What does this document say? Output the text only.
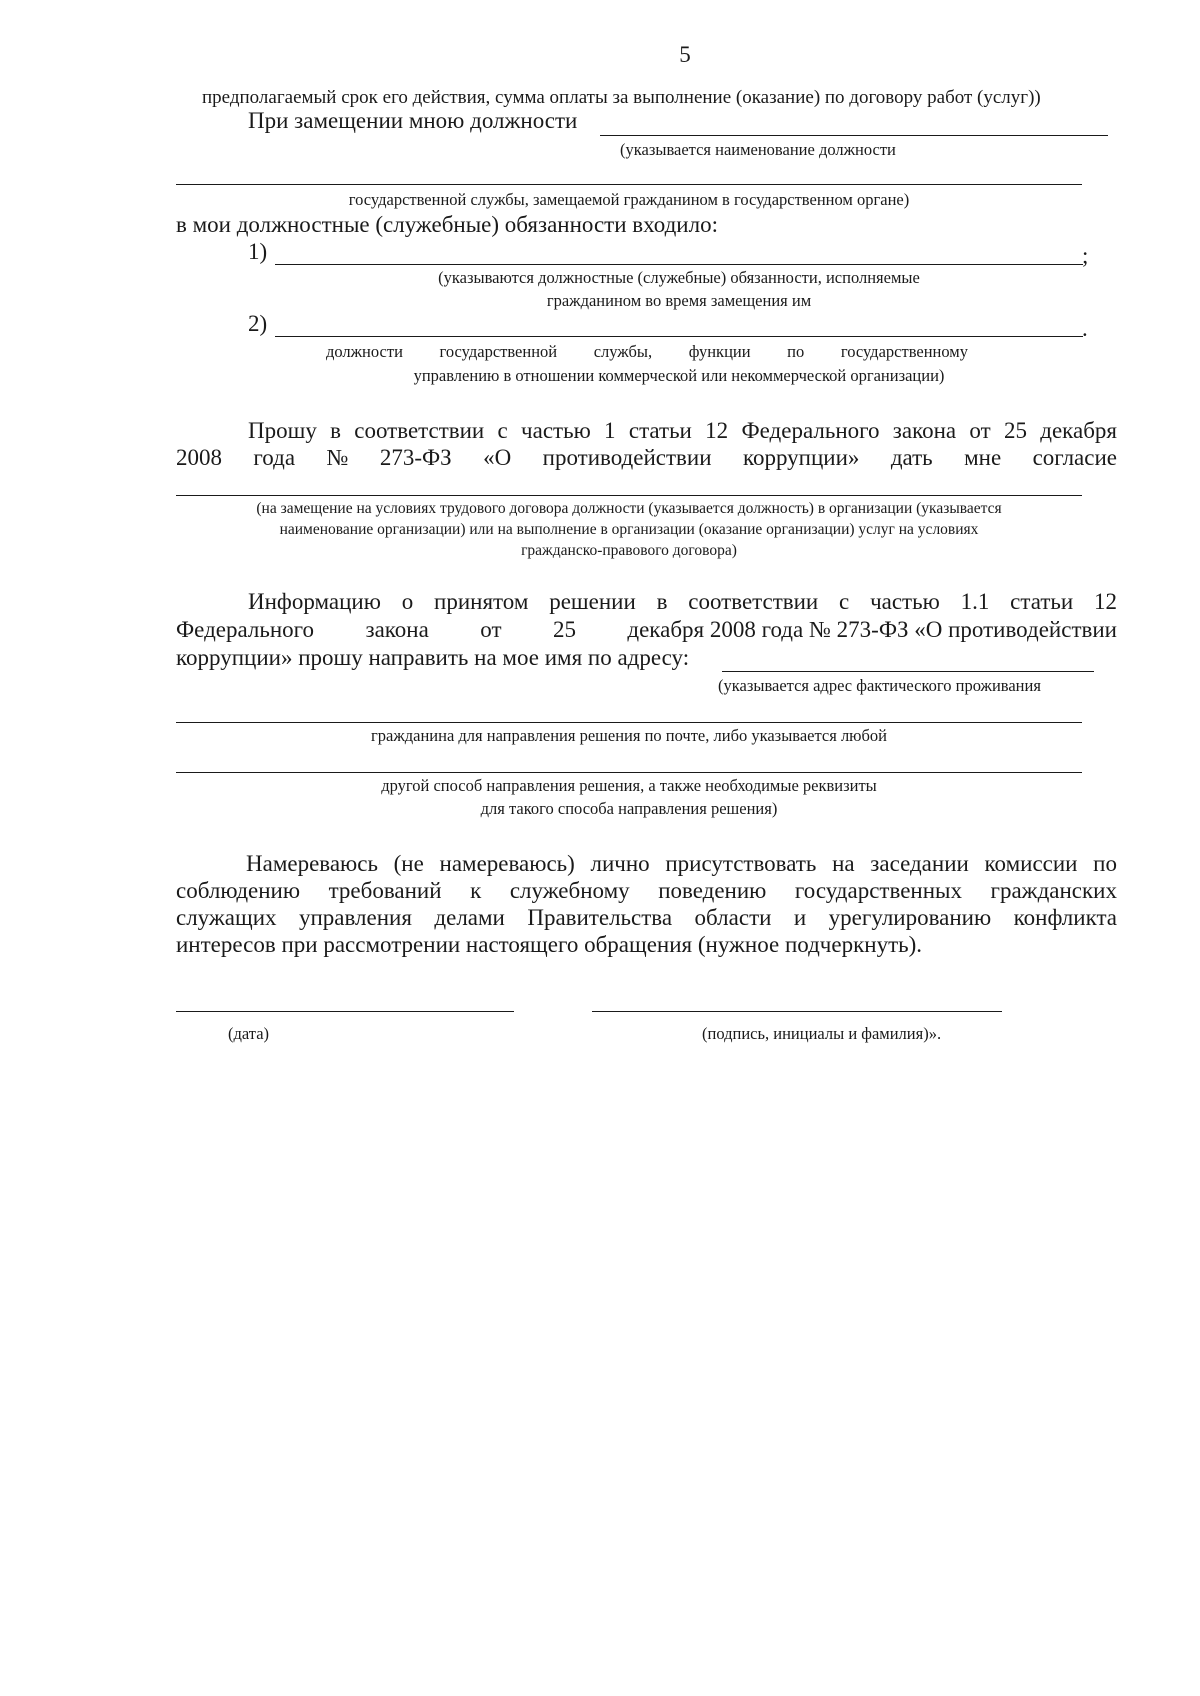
5
предполагаемый срок его действия, сумма оплаты за выполнение (оказание) по договору работ (услуг))
При замещении мною должности
(указывается наименование должности
государственной службы, замещаемой гражданином в государственном органе)
в мои должностные (служебные) обязанности входило:
1)	;
(указываются должностные (служебные) обязанности, исполняемые
гражданином во время замещения им
2)	.
должности государственной службы, функции по государственному
управлению в отношении коммерческой или некоммерческой организации)
Прошу в соответствии с частью 1 статьи 12 Федерального закона от 25 декабря
2008 года № 273-ФЗ «О противодействии коррупции» дать мне согласие
(на замещение на условиях трудового договора должности (указывается должность) в организации (указывается
наименование организации) или на выполнение в организации (оказание организации) услуг на условиях
гражданско-правового договора)
Информацию о принятом решении в соответствии с частью 1.1 статьи 12
Федерального закона от 25 декабря 2008 года № 273-ФЗ «О противодействии
коррупции» прошу направить на мое имя по адресу:
(указывается адрес фактического проживания
гражданина для направления решения по почте, либо указывается любой
другой способ направления решения, а также необходимые реквизиты
для такого способа направления решения)
Намереваюсь (не намереваюсь) лично присутствовать на заседании комиссии по
соблюдению требований к служебному поведению государственных гражданских
служащих управления делами Правительства области и урегулированию конфликта
интересов при рассмотрении настоящего обращения (нужное подчеркнуть).
(дата)	(подпись, инициалы и фамилия)».
